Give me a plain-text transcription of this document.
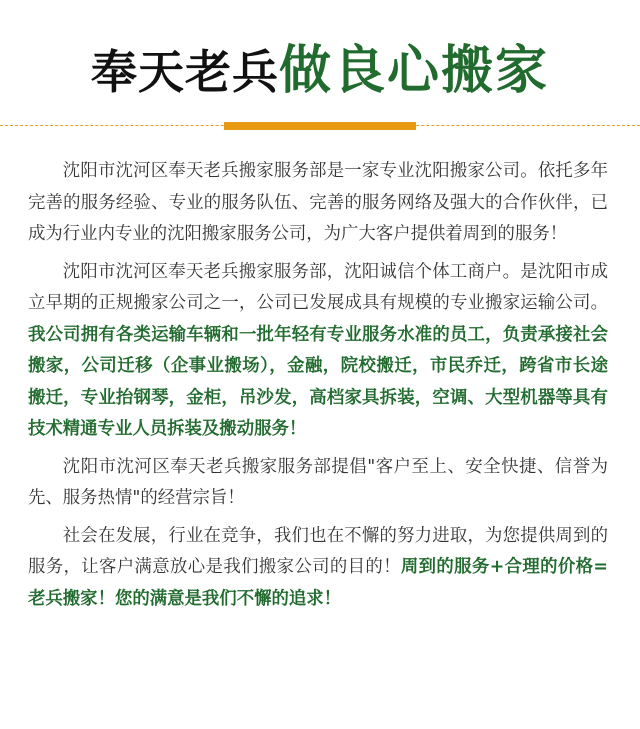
奉天老兵做良心搬家

沈阳市沈河区奉天老兵搬家服务部是一家专业沈阳搬家公司。依托多年完善的服务经验、专业的服务队伍、完善的服务网络及强大的合作伙伴，已成为行业内专业的沈阳搬家服务公司，为广大客户提供着周到的服务！

沈阳市沈河区奉天老兵搬家服务部，沈阳诚信个体工商户。是沈阳市成立早期的正规搬家公司之一，公司已发展成具有规模的专业搬家运输公司。我公司拥有各类运输车辆和一批年轻有专业服务水准的员工，负责承接社会搬家，公司迁移（企事业搬场），金融，院校搬迁，市民乔迁，跨省市长途搬迁，专业抬钢琴，金柜，吊沙发，高档家具拆装，空调、大型机器等具有技术精通专业人员拆装及搬动服务！

沈阳市沈河区奉天老兵搬家服务部提倡"客户至上、安全快捷、信誉为先、服务热情"的经营宗旨！

社会在发展，行业在竞争，我们也在不懈的努力进取，为您提供周到的服务，让客户满意放心是我们搬家公司的目的！周到的服务+合理的价格=老兵搬家！您的满意是我们不懈的追求！
